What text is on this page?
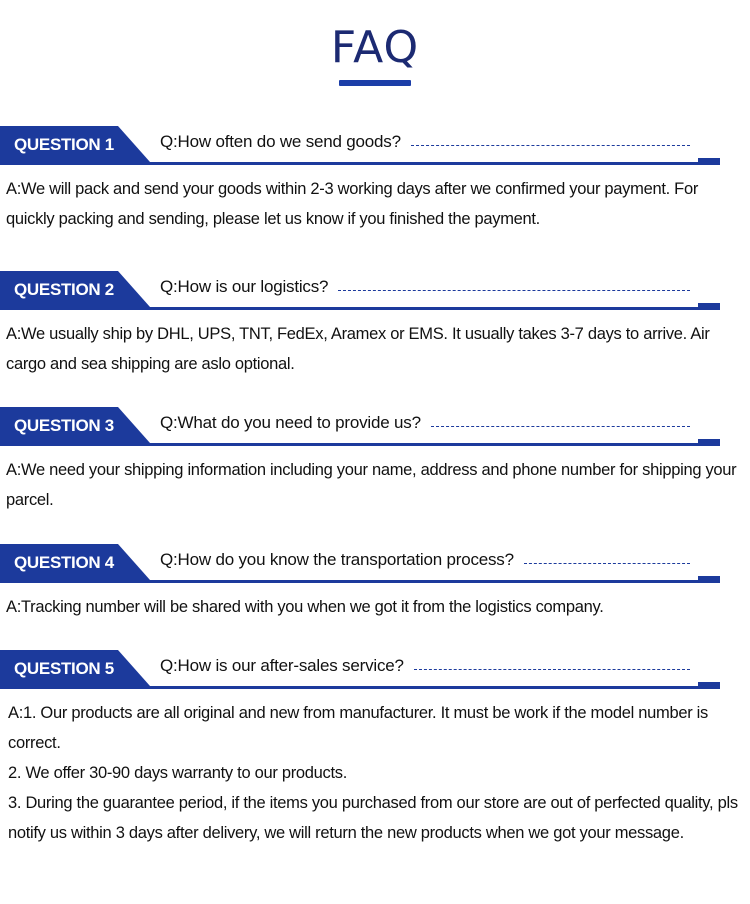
FAQ
QUESTION 1	Q:How often do we send goods?

A:We will pack and send your goods within 2-3 working days after we confirmed your payment. For quickly packing and sending, please let us know if you finished the payment.

QUESTION 2	Q:How is our logistics?

A:We usually ship by DHL, UPS, TNT, FedEx, Aramex or EMS. It usually takes 3-7 days to arrive. Air cargo and sea shipping are aslo optional.

QUESTION 3	Q:What do you need to provide us?

A:We need your shipping information including your name, address and phone number for shipping your parcel.

QUESTION 4	Q:How do you know the transportation process?

A:Tracking number will be shared with you when we got it from the logistics company.

QUESTION 5	Q:How is our after-sales service?

A:1. Our products are all original and new from manufacturer. It must be work if the model number is correct.

2. We offer 30-90 days warranty to our products.

3. During the guarantee period, if the items you purchased from our store are out of perfected quality, pls notify us within 3 days after delivery, we will return the new products when we got your message.
